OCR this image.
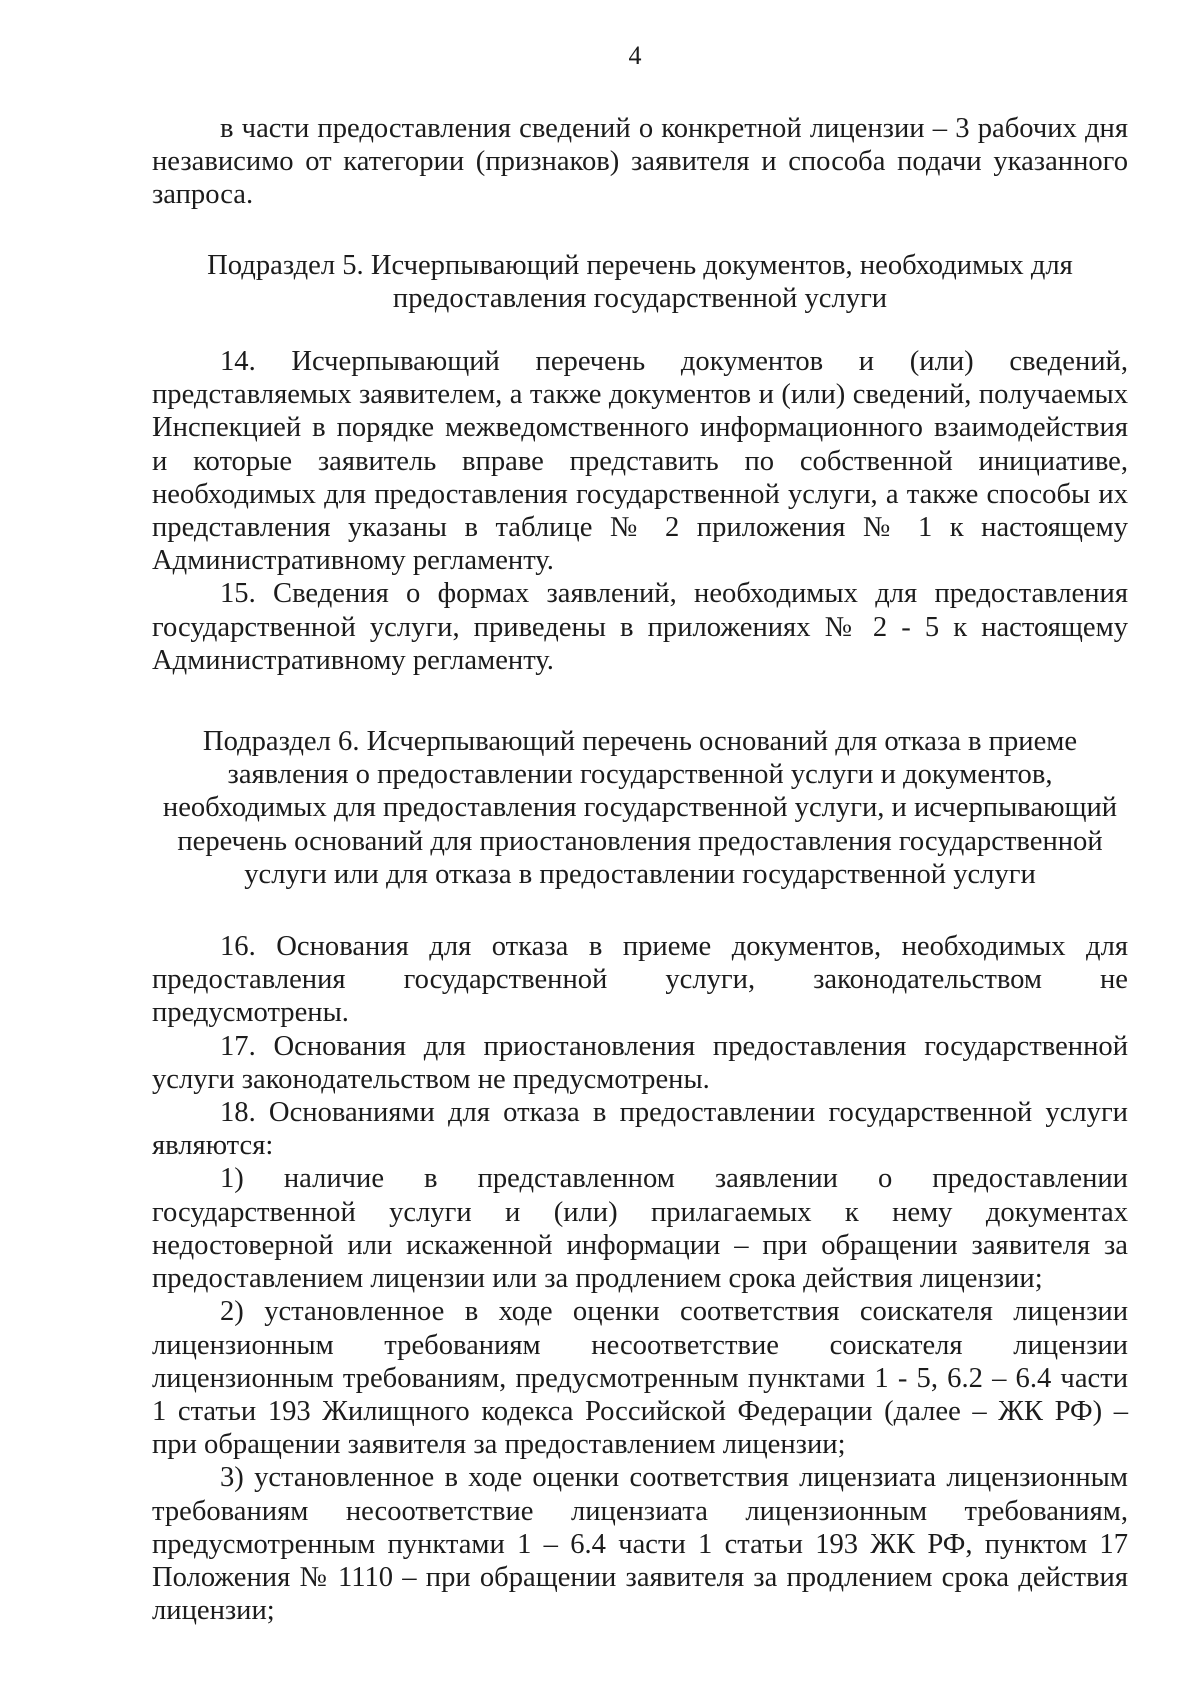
4

в части предоставления сведений о конкретной лицензии – 3 рабочих дня независимо от категории (признаков) заявителя и способа подачи указанного запроса.

Подраздел 5. Исчерпывающий перечень документов, необходимых для
предоставления государственной услуги

14. Исчерпывающий перечень документов и (или) сведений, представляемых заявителем, а также документов и (или) сведений, получаемых Инспекцией в порядке межведомственного информационного взаимодействия и которые заявитель вправе представить по собственной инициативе, необходимых для предоставления государственной услуги, а также способы их представления указаны в таблице № 2 приложения № 1 к настоящему Административному регламенту.

15. Сведения о формах заявлений, необходимых для предоставления государственной услуги, приведены в приложениях № 2 - 5 к настоящему Административному регламенту.

Подраздел 6. Исчерпывающий перечень оснований для отказа в приеме
заявления о предоставлении государственной услуги и документов,
необходимых для предоставления государственной услуги, и исчерпывающий
перечень оснований для приостановления предоставления государственной
услуги или для отказа в предоставлении государственной услуги

16. Основания для отказа в приеме документов, необходимых для предоставления государственной услуги, законодательством не предусмотрены.

17. Основания для приостановления предоставления государственной услуги законодательством не предусмотрены.

18. Основаниями для отказа в предоставлении государственной услуги являются:

1) наличие в представленном заявлении о предоставлении государственной услуги и (или) прилагаемых к нему документах недостоверной или искаженной информации – при обращении заявителя за предоставлением лицензии или за продлением срока действия лицензии;

2) установленное в ходе оценки соответствия соискателя лицензии лицензионным требованиям несоответствие соискателя лицензии лицензионным требованиям, предусмотренным пунктами 1 - 5, 6.2 – 6.4 части 1 статьи 193 Жилищного кодекса Российской Федерации (далее – ЖК РФ) – при обращении заявителя за предоставлением лицензии;

3) установленное в ходе оценки соответствия лицензиата лицензионным требованиям несоответствие лицензиата лицензионным требованиям, предусмотренным пунктами 1 – 6.4 части 1 статьи 193 ЖК РФ, пунктом 17 Положения № 1110 – при обращении заявителя за продлением срока действия лицензии;
